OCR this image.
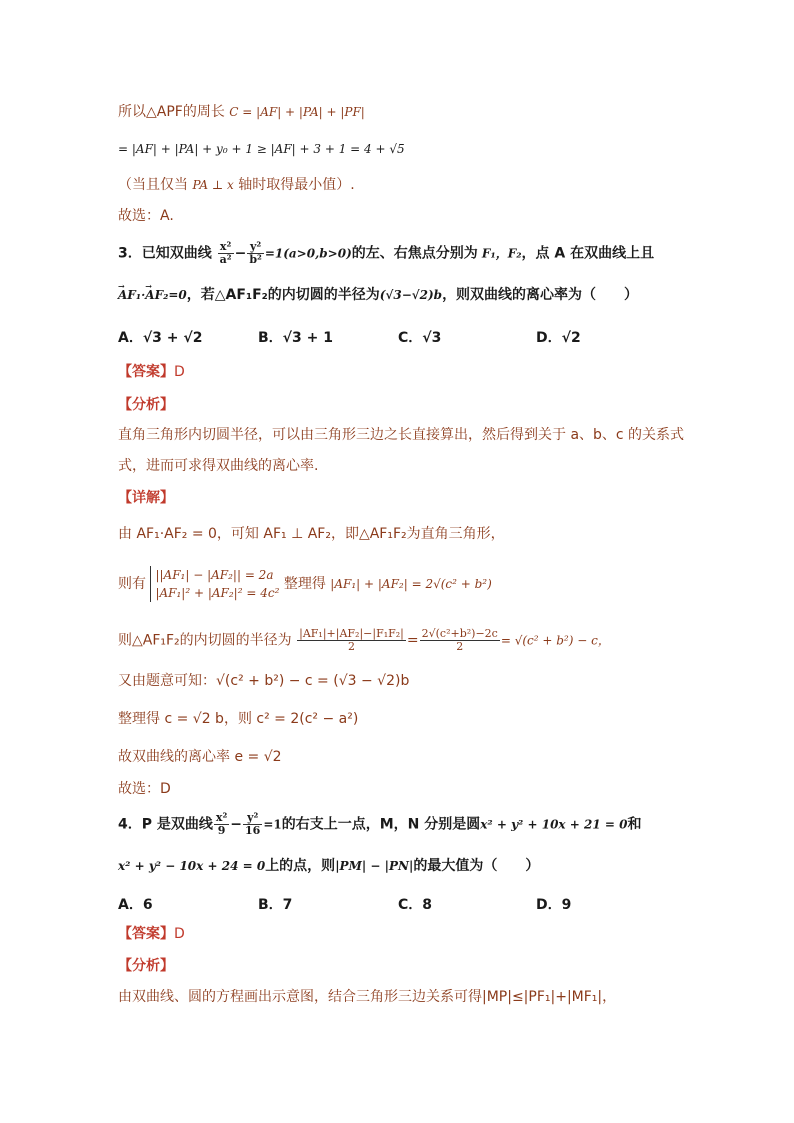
所以△APF的周长 C = |AF| + |PA| + |PF|
= |AF| + |PA| + y₀ + 1 ≥ |AF| + 3 + 1 = 4 + √5
（当且仅当 PA ⊥ x 轴时取得最小值）.
故选：A.
3．已知双曲线 $\frac{\text{x²}}{\text{a²}} - \frac{\text{y²}}{\text{b²}} =1(a>0,b>0)$的左、右焦点分别为 F₁，F₂，点 A 在双曲线上且
→ AF₁·→ AF₂=0，若△AF₁F₂的内切圆的半径为(√3−√2)b，则双曲线的离心率为（　　）
A．√3 + √2	B．√3 + 1	C．√3	D．√2
【答案】D
【分析】
直角三角形内切圆半径，可以由三角形三边之长直接算出，然后得到关于 a、b、c 的关系式
式，进而可求得双曲线的离心率.
【详解】
由 AF₁·AF₂ = 0，可知 AF₁ ⊥ AF₂，即△AF₁F₂为直角三角形，
则有 ||AF₁| − |AF₂|| = 2a
|AF₁|² + |AF₂|² = 4c² 整理得 |AF₁| + |AF₂| = 2√(c² + b²)
则△AF₁F₂的内切圆的半径为 $\frac{\text{|AF₁|+|AF₂|−|F₁F₂|}}{2} = \frac{\text{2√(c²+b²)−2c}}{2} = √(c^2 + b^2) - c$，
又由题意可知：√(c² + b²) − c = (√3 − √2)b
整理得 c = √2 b，则 c² = 2(c² − a²)
故双曲线的离心率 e = √2
故选：D
4．P 是双曲线 $\frac{\text{x²}}{9} - \frac{\text{y²}}{16} =1$的右支上一点，M，N 分别是圆x² + y² + 10x + 21 = 0和
x² + y² − 10x + 24 = 0上的点，则|PM| − |PN|的最大值为（　　）
A．6	B．7	C．8	D．9
【答案】D
【分析】
由双曲线、圆的方程画出示意图，结合三角形三边关系可得|MP|≤|PF₁|+|MF₁|，
